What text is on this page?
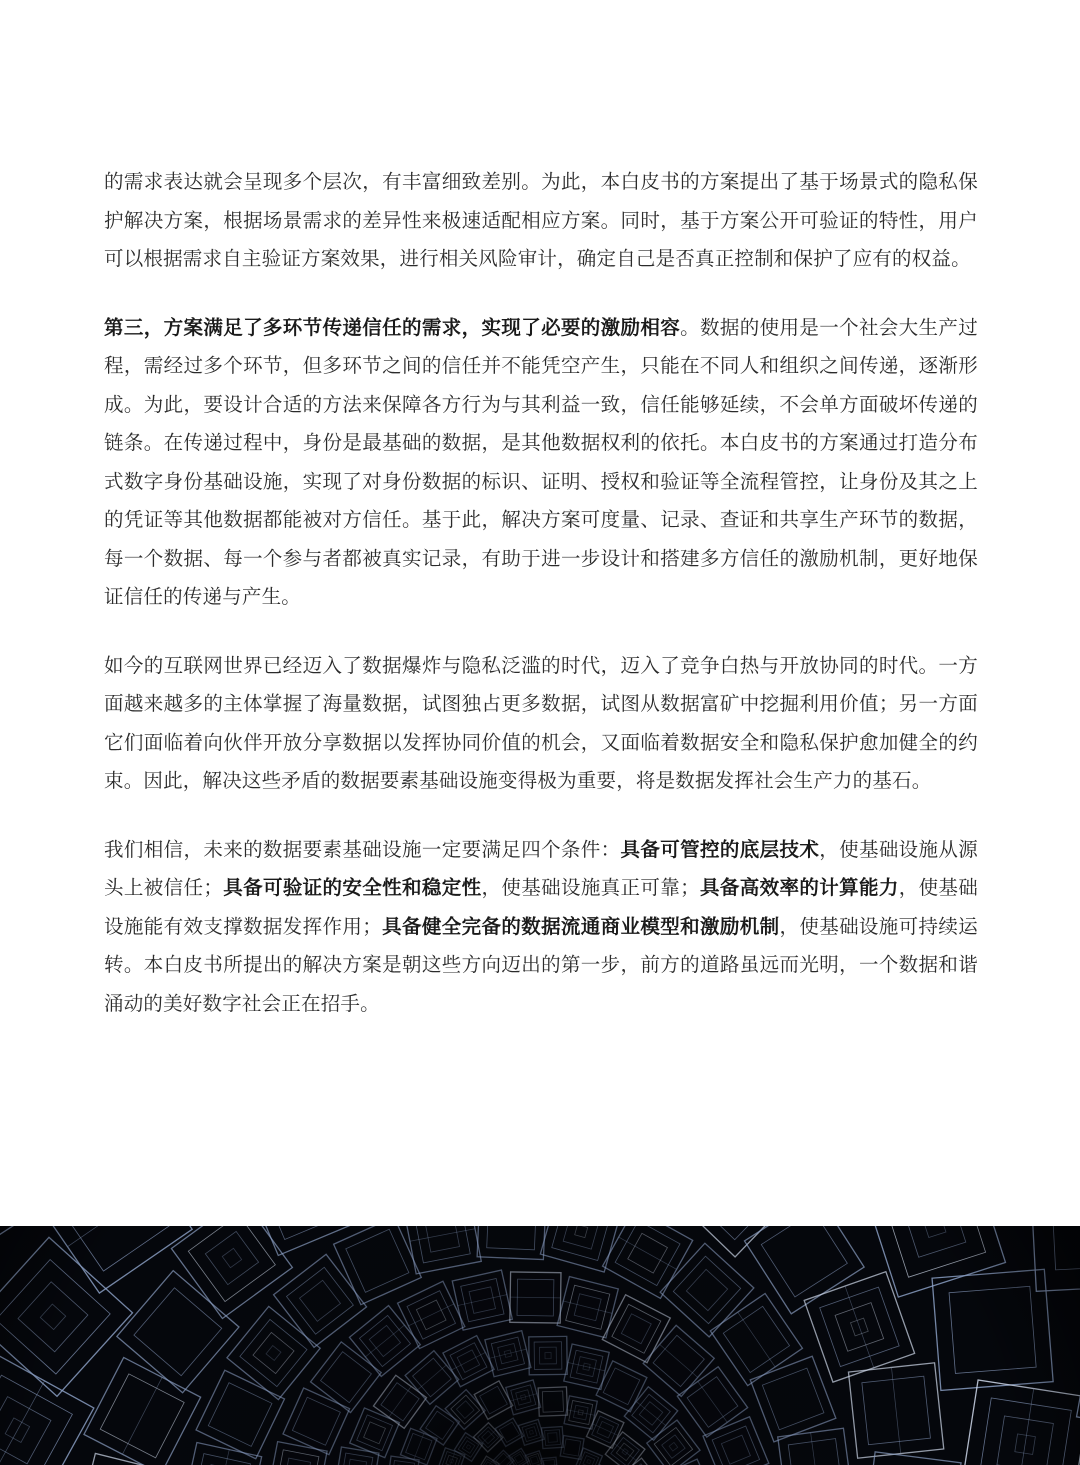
的需求表达就会呈现多个层次，有丰富细致差别。为此，本白皮书的方案提出了基于场景式的隐私保护解决方案，根据场景需求的差异性来极速适配相应方案。同时，基于方案公开可验证的特性，用户可以根据需求自主验证方案效果，进行相关风险审计，确定自己是否真正控制和保护了应有的权益。

第三，方案满足了多环节传递信任的需求，实现了必要的激励相容。数据的使用是一个社会大生产过程，需经过多个环节，但多环节之间的信任并不能凭空产生，只能在不同人和组织之间传递，逐渐形成。为此，要设计合适的方法来保障各方行为与其利益一致，信任能够延续，不会单方面破坏传递的链条。在传递过程中，身份是最基础的数据，是其他数据权利的依托。本白皮书的方案通过打造分布式数字身份基础设施，实现了对身份数据的标识、证明、授权和验证等全流程管控，让身份及其之上的凭证等其他数据都能被对方信任。基于此，解决方案可度量、记录、查证和共享生产环节的数据，每一个数据、每一个参与者都被真实记录，有助于进一步设计和搭建多方信任的激励机制，更好地保证信任的传递与产生。

如今的互联网世界已经迈入了数据爆炸与隐私泛滥的时代，迈入了竞争白热与开放协同的时代。一方面越来越多的主体掌握了海量数据，试图独占更多数据，试图从数据富矿中挖掘利用价值；另一方面它们面临着向伙伴开放分享数据以发挥协同价值的机会，又面临着数据安全和隐私保护愈加健全的约束。因此，解决这些矛盾的数据要素基础设施变得极为重要，将是数据发挥社会生产力的基石。

我们相信，未来的数据要素基础设施一定要满足四个条件：具备可管控的底层技术，使基础设施从源头上被信任；具备可验证的安全性和稳定性，使基础设施真正可靠；具备高效率的计算能力，使基础设施能有效支撑数据发挥作用；具备健全完备的数据流通商业模型和激励机制，使基础设施可持续运转。本白皮书所提出的解决方案是朝这些方向迈出的第一步，前方的道路虽远而光明，一个数据和谐涌动的美好数字社会正在招手。
